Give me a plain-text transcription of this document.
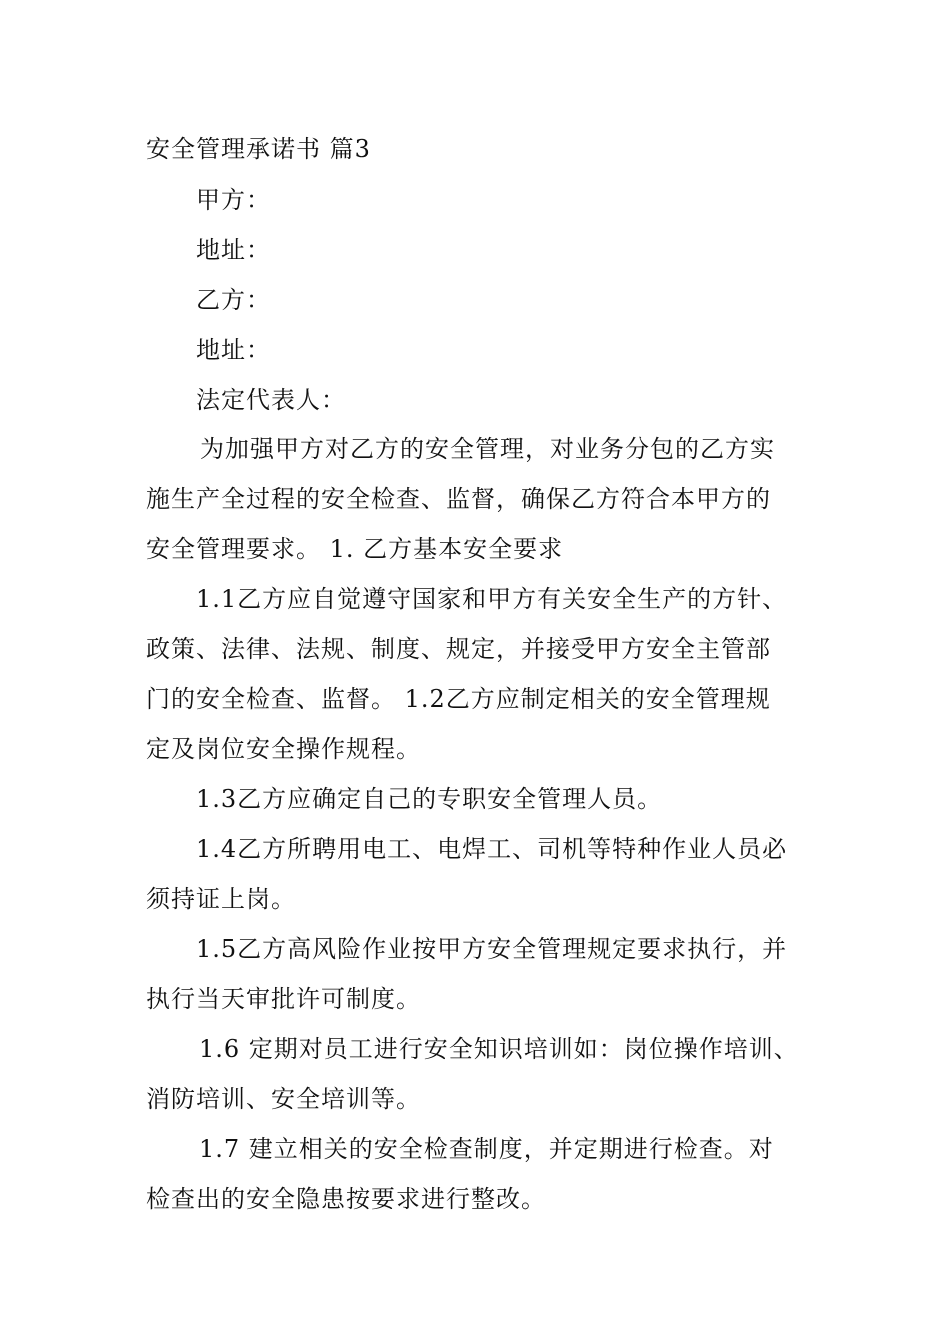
安全管理承诺书 篇3
甲方：
地址：
乙方：
地址：
法定代表人：
为加强甲方对乙方的安全管理，对业务分包的乙方实
施生产全过程的安全检查、监督，确保乙方符合本甲方的
安全管理要求。 1. 乙方基本安全要求
1.1乙方应自觉遵守国家和甲方有关安全生产的方针、
政策、法律、法规、制度、规定，并接受甲方安全主管部
门的安全检查、监督。 1.2乙方应制定相关的安全管理规
定及岗位安全操作规程。
1.3乙方应确定自己的专职安全管理人员。
1.4乙方所聘用电工、电焊工、司机等特种作业人员必
须持证上岗。
1.5乙方高风险作业按甲方安全管理规定要求执行，并
执行当天审批许可制度。
1.6 定期对员工进行安全知识培训如：岗位操作培训、
消防培训、安全培训等。
1.7 建立相关的安全检查制度，并定期进行检查。对
检查出的安全隐患按要求进行整改。
